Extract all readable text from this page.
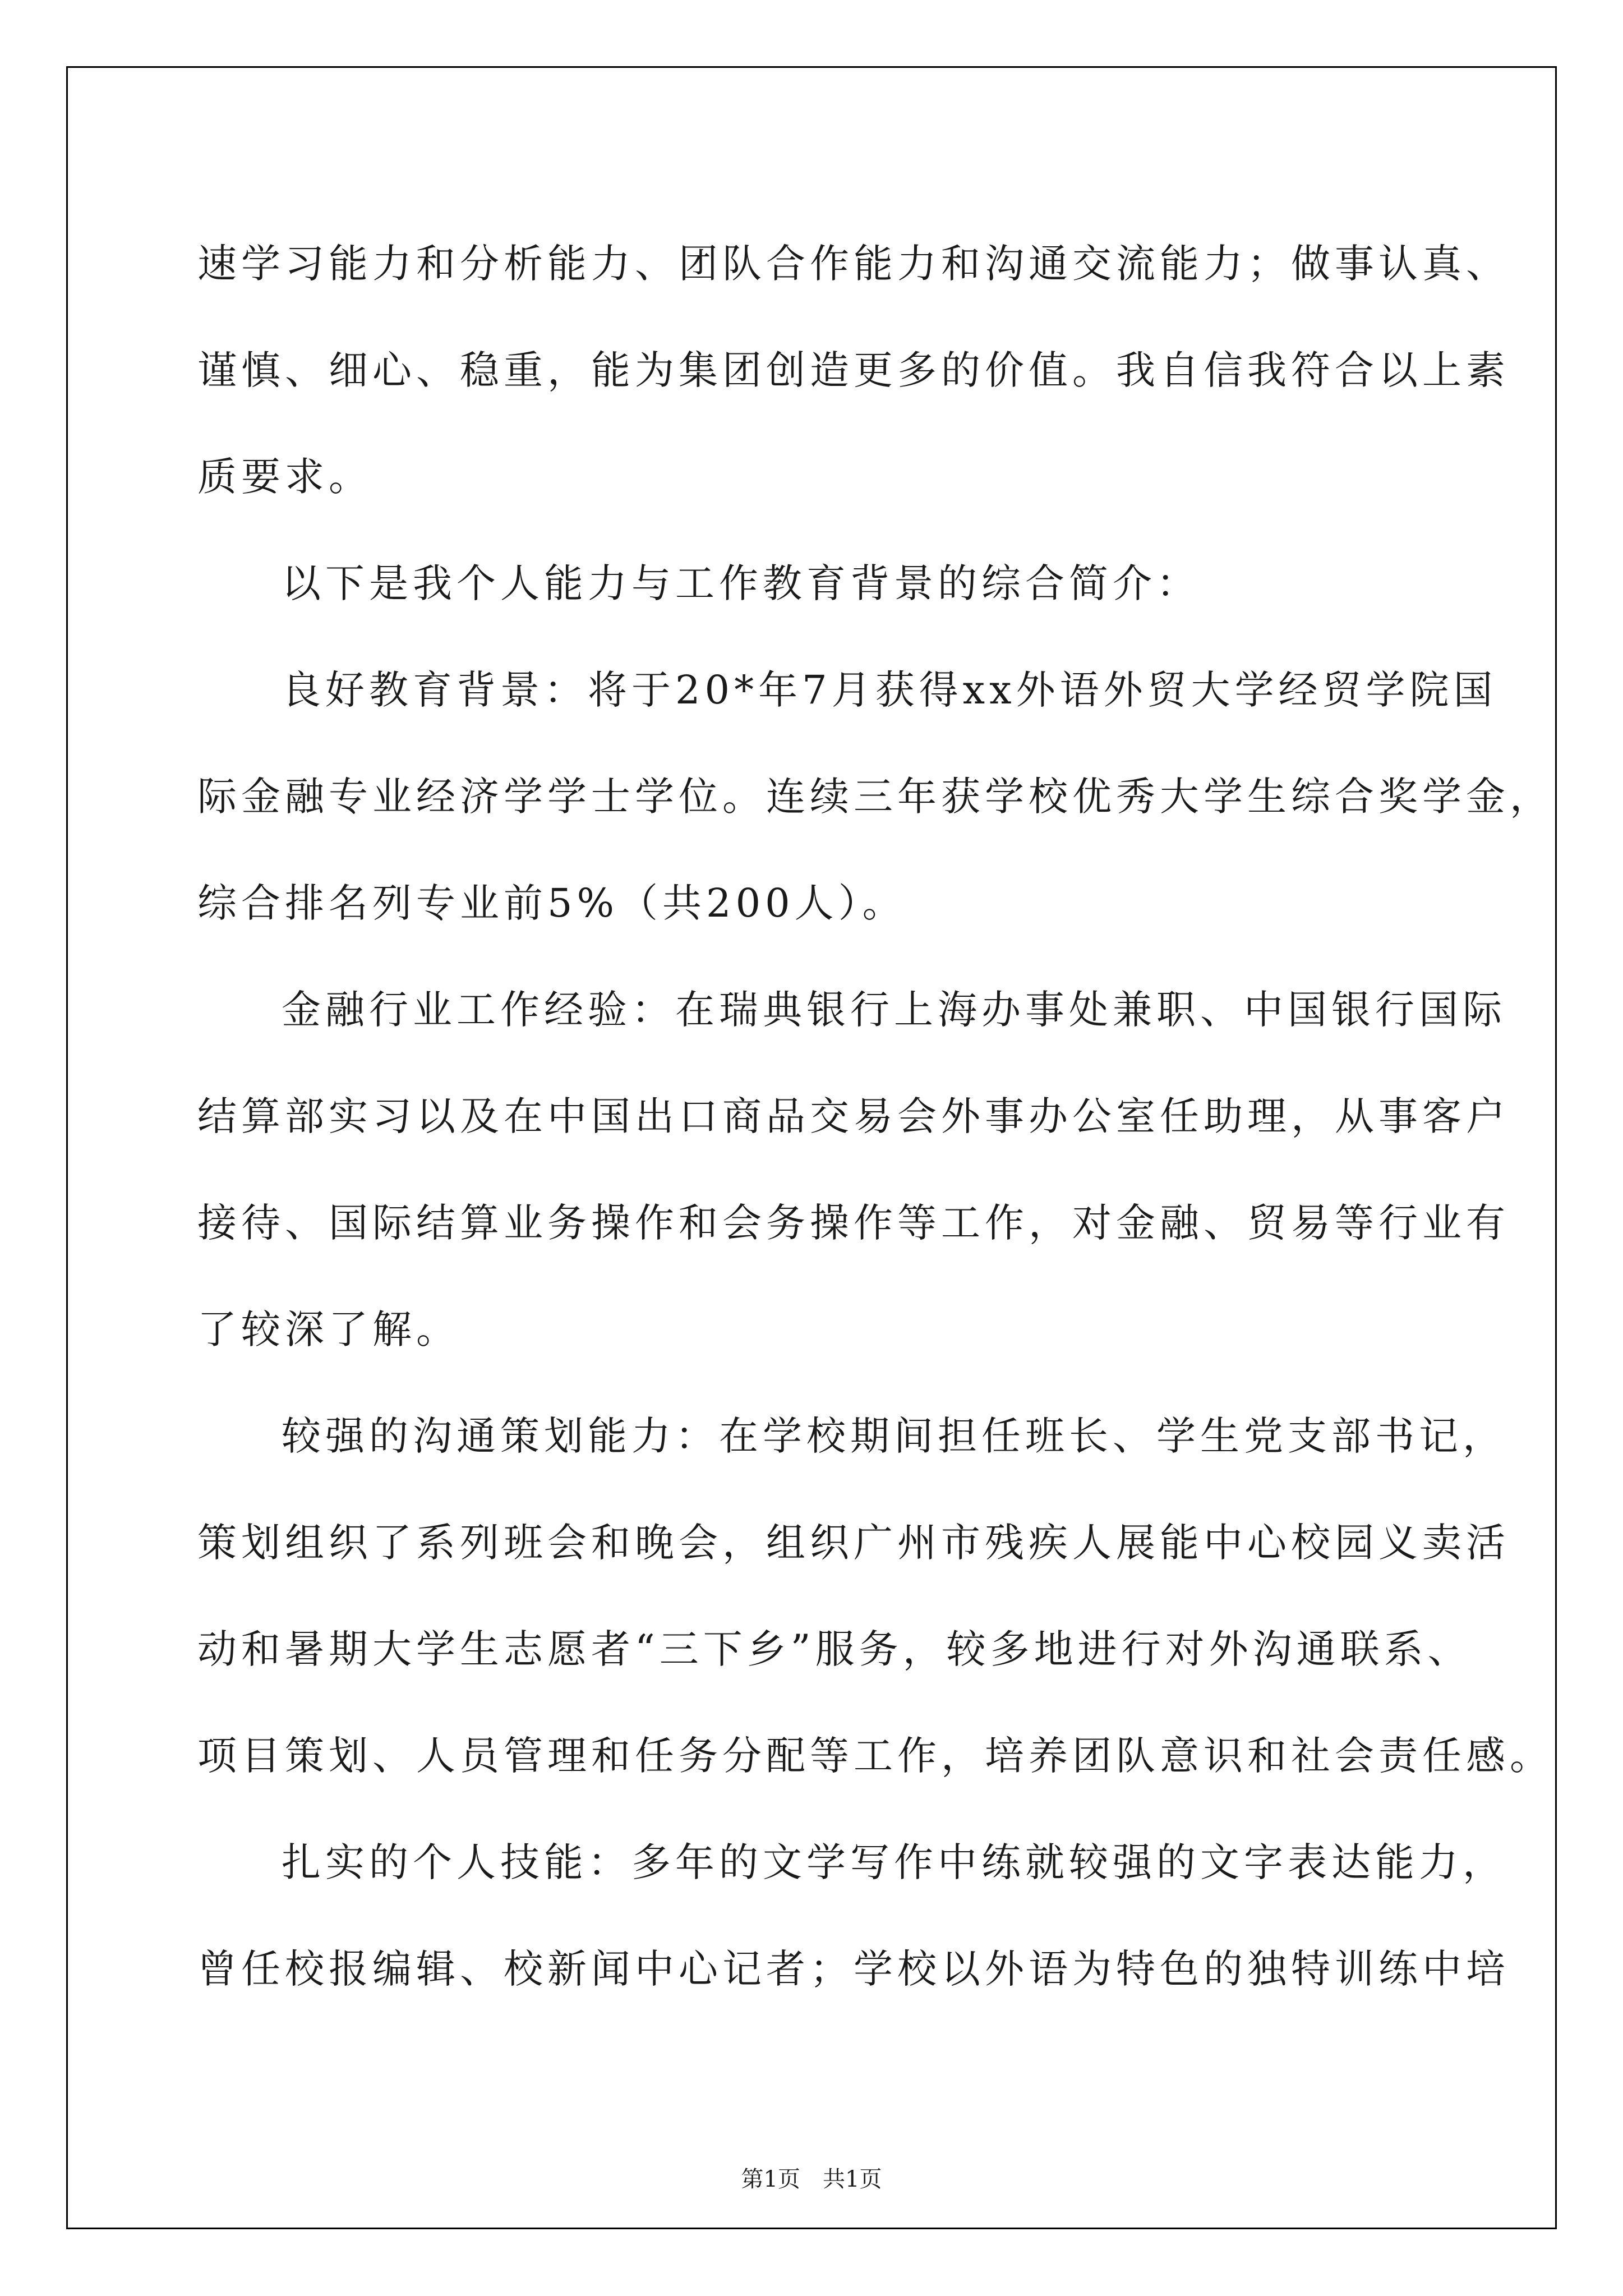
速学习能力和分析能力、团队合作能力和沟通交流能力；做事认真、
谨慎、细心、稳重，能为集团创造更多的价值。我自信我符合以上素
质要求。
以下是我个人能力与工作教育背景的综合简介：
良好教育背景：将于20*年7月获得xx外语外贸大学经贸学院国
际金融专业经济学学士学位。连续三年获学校优秀大学生综合奖学金，
综合排名列专业前5%（共200人）。
金融行业工作经验：在瑞典银行上海办事处兼职、中国银行国际
结算部实习以及在中国出口商品交易会外事办公室任助理，从事客户
接待、国际结算业务操作和会务操作等工作，对金融、贸易等行业有
了较深了解。
较强的沟通策划能力：在学校期间担任班长、学生党支部书记，
策划组织了系列班会和晚会，组织广州市残疾人展能中心校园义卖活
动和暑期大学生志愿者“三下乡”服务，较多地进行对外沟通联系、
项目策划、人员管理和任务分配等工作，培养团队意识和社会责任感。
扎实的个人技能：多年的文学写作中练就较强的文字表达能力，
曾任校报编辑、校新闻中心记者；学校以外语为特色的独特训练中培
第1页　共1页
